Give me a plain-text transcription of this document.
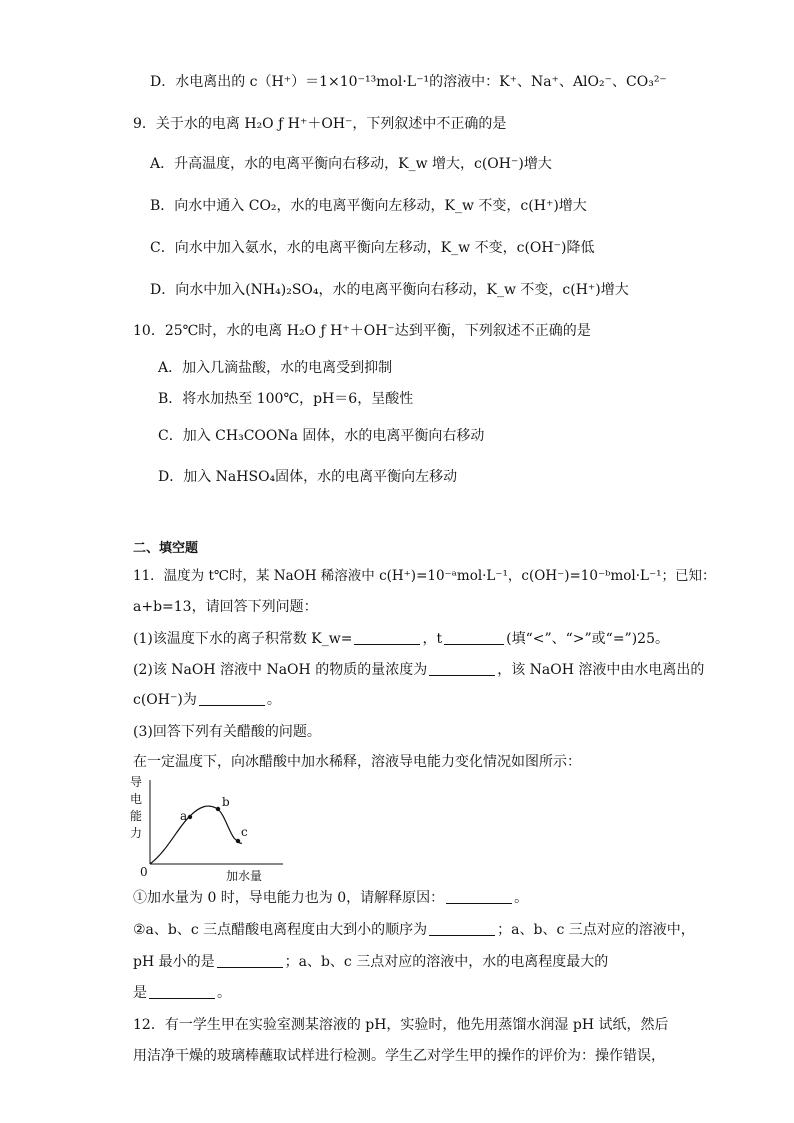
D．水电离出的 c（H⁺）＝1×10⁻¹³mol·L⁻¹的溶液中：K⁺、Na⁺、AlO₂⁻、CO₃²⁻
9．关于水的电离 H₂O ƒ H⁺＋OH⁻，下列叙述中不正确的是
A．升高温度，水的电离平衡向右移动，K_w 增大，c(OH⁻)增大
B．向水中通入 CO₂，水的电离平衡向左移动，K_w 不变，c(H⁺)增大
C．向水中加入氨水，水的电离平衡向左移动，K_w 不变，c(OH⁻)降低
D．向水中加入(NH₄)₂SO₄，水的电离平衡向右移动，K_w 不变，c(H⁺)增大
10．25℃时，水的电离 H₂O ƒ H⁺＋OH⁻达到平衡，下列叙述不正确的是
A．加入几滴盐酸，水的电离受到抑制
B．将水加热至 100℃，pH＝6，呈酸性
C．加入 CH₃COONa 固体，水的电离平衡向右移动
D．加入 NaHSO₄固体，水的电离平衡向左移动
二、填空题
11．温度为 t℃时，某 NaOH 稀溶液中 c(H⁺)=10⁻ᵃmol·L⁻¹，c(OH⁻)=10⁻ᵇmol·L⁻¹；已知：
a+b=13，请回答下列问题：
(1)该温度下水的离子积常数 K_w=	，t	(填“<”、“>”或“=”)25。
(2)该 NaOH 溶液中 NaOH 的物质的量浓度为	，该 NaOH 溶液中由水电离出的
c(OH⁻)为	。
(3)回答下列有关醋酸的问题。
在一定温度下，向冰醋酸中加水稀释，溶液导电能力变化情况如图所示：
导
电
能
力
a
b
c
0	加水量
①加水量为 0 时，导电能力也为 0，请解释原因：	。
②a、b、c 三点醋酸电离程度由大到小的顺序为	；a、b、c 三点对应的溶液中，
pH 最小的是	；a、b、c 三点对应的溶液中，水的电离程度最大的
是	。
12．有一学生甲在实验室测某溶液的 pH，实验时，他先用蒸馏水润湿 pH 试纸，然后
用洁净干燥的玻璃棒蘸取试样进行检测。学生乙对学生甲的操作的评价为：操作错误，
